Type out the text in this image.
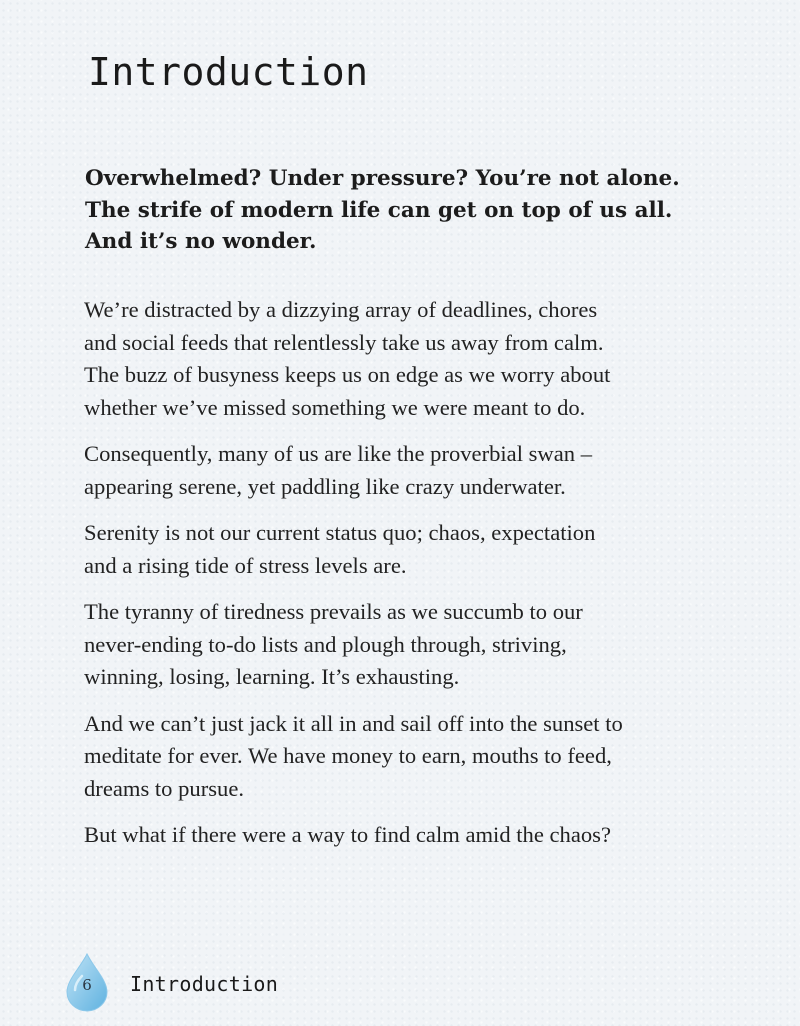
Introduction
Overwhelmed? Under pressure? You’re not alone.
The strife of modern life can get on top of us all.
And it’s no wonder.

We’re distracted by a dizzying array of deadlines, chores
and social feeds that relentlessly take us away from calm.
The buzz of busyness keeps us on edge as we worry about
whether we’ve missed something we were meant to do.

Consequently, many of us are like the proverbial swan –
appearing serene, yet paddling like crazy underwater.

Serenity is not our current status quo; chaos, expectation
and a rising tide of stress levels are.

The tyranny of tiredness prevails as we succumb to our
never-ending to-do lists and plough through, striving,
winning, losing, learning. It’s exhausting.

And we can’t just jack it all in and sail off into the sunset to
meditate for ever. We have money to earn, mouths to feed,
dreams to pursue.

But what if there were a way to find calm amid the chaos?

6	Introduction
